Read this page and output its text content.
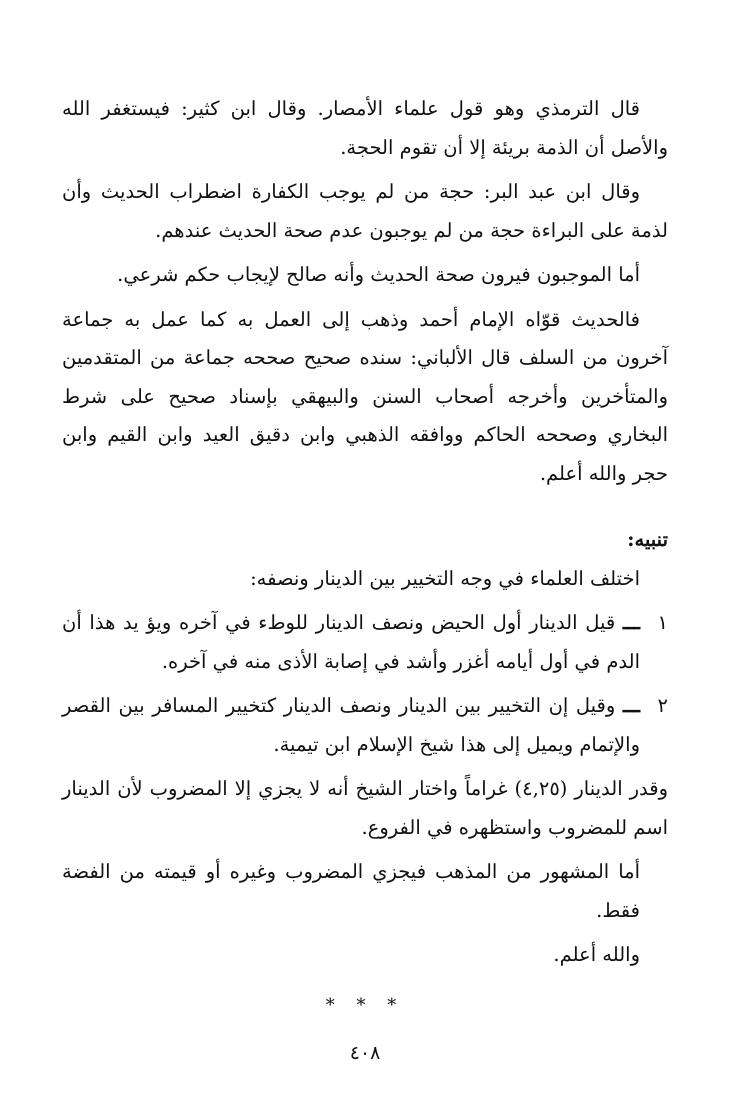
قال الترمذي وهو قول علماء الأمصار. وقال ابن كثير: فيستغفر الله والأصل أن الذمة بريئة إلا أن تقوم الحجة.

وقال ابن عبد البر: حجة من لم يوجب الكفارة اضطراب الحديث وأن لذمة على البراءة حجة من لم يوجبون عدم صحة الحديث عندهم.

أما الموجبون فيرون صحة الحديث وأنه صالح لإيجاب حكم شرعي.

فالحديث قوّاه الإمام أحمد وذهب إلى العمل به كما عمل به جماعة آخرون من السلف قال الألباني: سنده صحيح صححه جماعة من المتقدمين والمتأخرين وأخرجه أصحاب السنن والبيهقي بإسناد صحيح على شرط البخاري وصححه الحاكم ووافقه الذهبي وابن دقيق العيد وابن القيم وابن حجر والله أعلم.

تنبيه:

اختلف العلماء في وجه التخيير بين الدينار ونصفه:

١
ـــ قيل الدينار أول الحيض ونصف الدينار للوطء في آخره ويؤ يد هذا أن الدم في أول أيامه أغزر وأشد في إصابة الأذى منه في آخره.
٢
ـــ وقيل إن التخيير بين الدينار ونصف الدينار كتخيير المسافر بين القصر والإتمام ويميل إلى هذا شيخ الإسلام ابن تيمية.

وقدر الدينار (٤,٢٥) غراماً واختار الشيخ أنه لا يجزي إلا المضروب لأن الدينار اسم للمضروب واستظهره في الفروع.

أما المشهور من المذهب فيجزي المضروب وغيره أو قيمته من الفضة فقط.

والله أعلم.

* * *
٤٠٨
